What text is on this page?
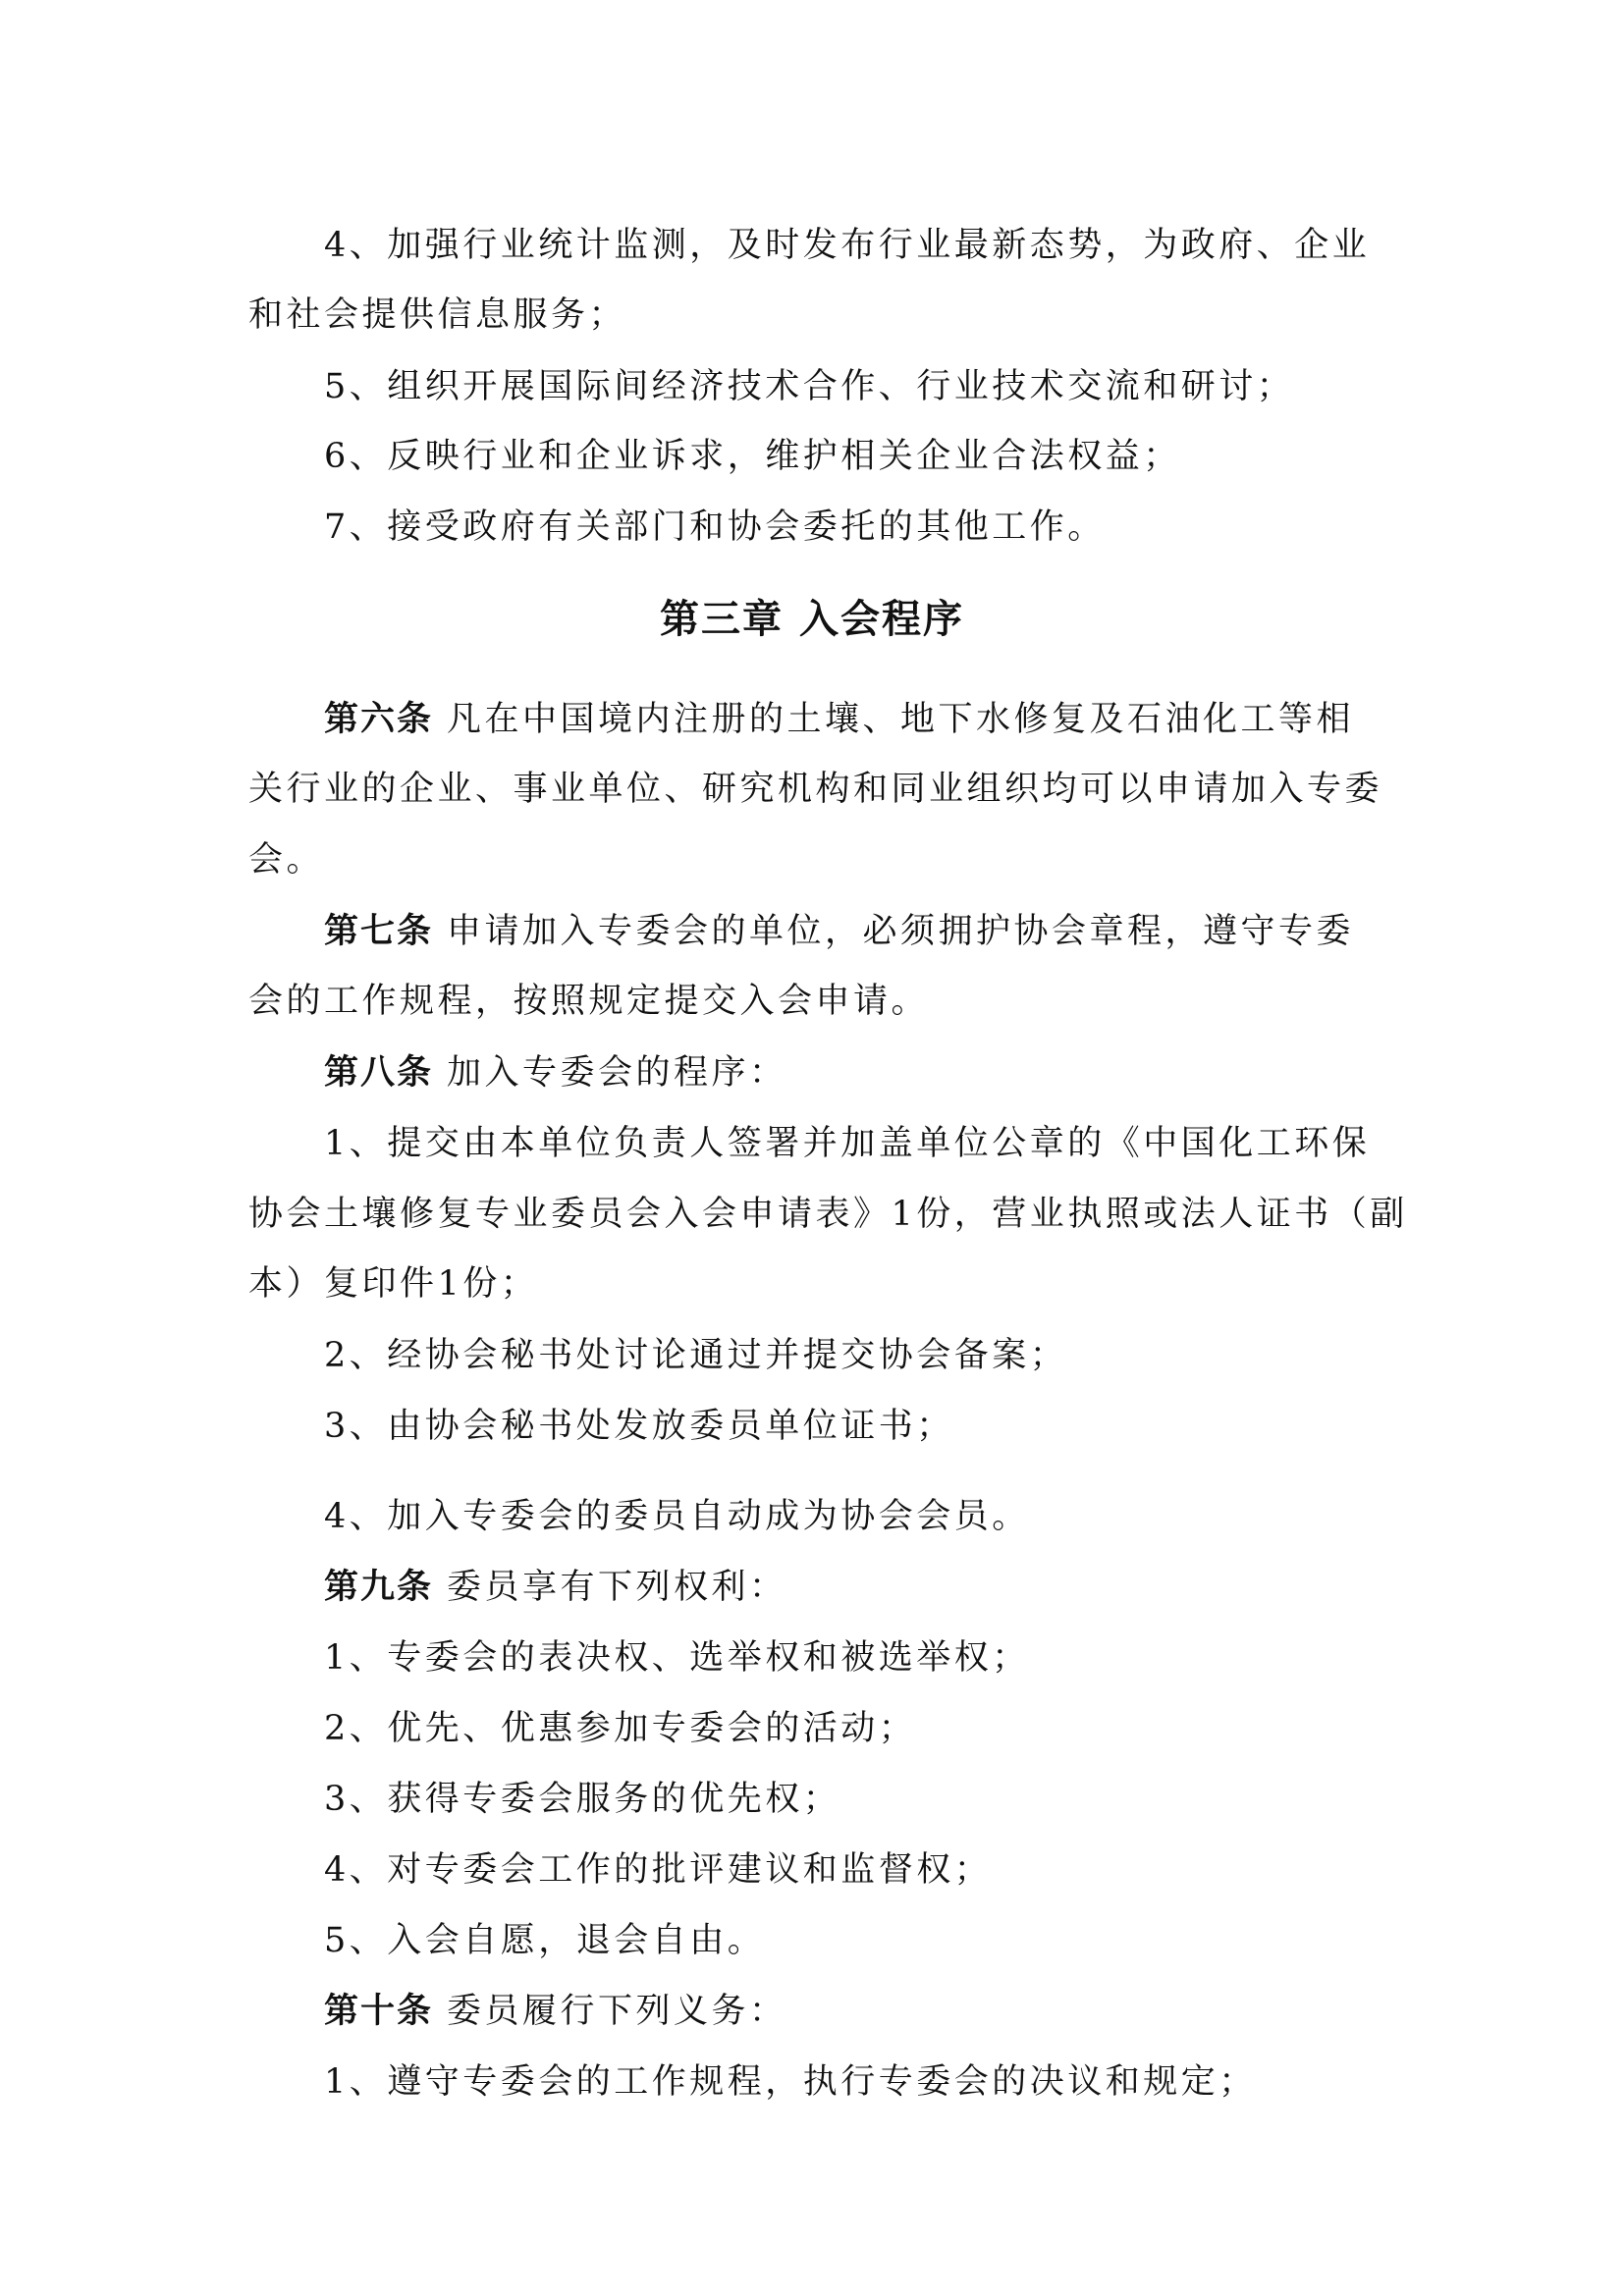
4、加强行业统计监测，及时发布行业最新态势，为政府、企业
和社会提供信息服务；
5、组织开展国际间经济技术合作、行业技术交流和研讨；
6、反映行业和企业诉求，维护相关企业合法权益；
7、接受政府有关部门和协会委托的其他工作。
第三章 入会程序
第六条 凡在中国境内注册的土壤、地下水修复及石油化工等相
关行业的企业、事业单位、研究机构和同业组织均可以申请加入专委
会。
第七条 申请加入专委会的单位，必须拥护协会章程，遵守专委
会的工作规程，按照规定提交入会申请。
第八条 加入专委会的程序：
1、提交由本单位负责人签署并加盖单位公章的《中国化工环保
协会土壤修复专业委员会入会申请表》1份，营业执照或法人证书（副
本）复印件1份；
2、经协会秘书处讨论通过并提交协会备案；
3、由协会秘书处发放委员单位证书；
4、加入专委会的委员自动成为协会会员。
第九条 委员享有下列权利：
1、专委会的表决权、选举权和被选举权；
2、优先、优惠参加专委会的活动；
3、获得专委会服务的优先权；
4、对专委会工作的批评建议和监督权；
5、入会自愿，退会自由。
第十条 委员履行下列义务：
1、遵守专委会的工作规程，执行专委会的决议和规定；
